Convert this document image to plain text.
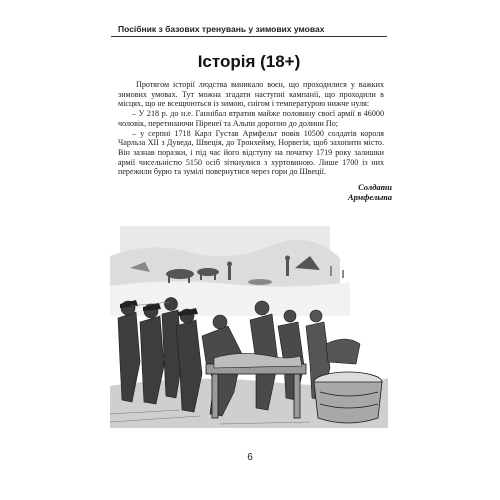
Посібник з базових тренувань у зимових умовах
Історія (18+)

Протягом історії людства виникало воєн, що проходилися у важких зимових умовах. Тут можна згадати наступні кампанії, що проходили в місцях, що не всещюються із зимою, снігом і температурою нижче нуля:

– У 218 р. до н.е. Ганнібал втратив майже половину своєї армії в 46000 чоловік, перетинаючи Піренеї та Альпи дорогою до долини По;

– у серпні 1718 Карл Густав Армфельт повів 10500 солдатів короля Чарльза XII з Дуведа, Швеція, до Тронхейму, Норвегія, щоб захопити місто. Він зазнав поразки, і під час його відступу на початку 1719 року залишки армії чисельністю 5150 осіб зіткнулися з хуртовиною. Лише 1700 із них пережили бурю та зумілі повернутися через гори до Швеції.

Солдати
Армфельта
6
